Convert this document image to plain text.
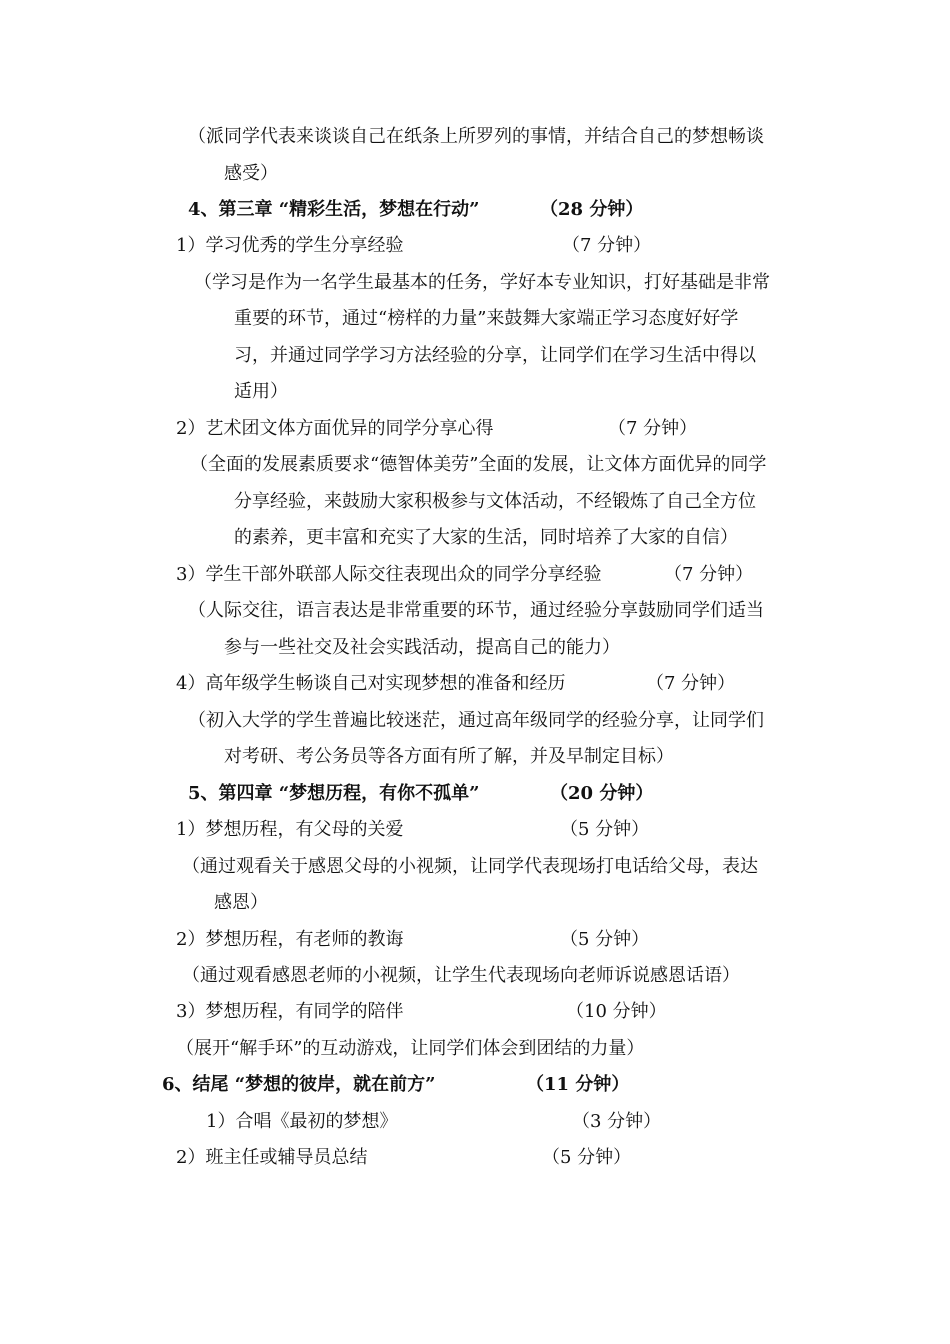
（派同学代表来谈谈自己在纸条上所罗列的事情，并结合自己的梦想畅谈
感受）
4、第三章 “精彩生活，梦想在行动”	（28 分钟）
1）学习优秀的学生分享经验	（7 分钟）
（学习是作为一名学生最基本的任务，学好本专业知识，打好基础是非常
重要的环节，通过“榜样的力量”来鼓舞大家端正学习态度好好学
习，并通过同学学习方法经验的分享，让同学们在学习生活中得以
适用）
2）艺术团文体方面优异的同学分享心得	（7 分钟）
（全面的发展素质要求“德智体美劳”全面的发展，让文体方面优异的同学
分享经验，来鼓励大家积极参与文体活动，不经锻炼了自己全方位
的素养，更丰富和充实了大家的生活，同时培养了大家的自信）
3）学生干部外联部人际交往表现出众的同学分享经验	（7 分钟）
（人际交往，语言表达是非常重要的环节，通过经验分享鼓励同学们适当
参与一些社交及社会实践活动，提高自己的能力）
4）高年级学生畅谈自己对实现梦想的准备和经历	（7 分钟）
（初入大学的学生普遍比较迷茫，通过高年级同学的经验分享，让同学们
对考研、考公务员等各方面有所了解，并及早制定目标）
5、第四章 “梦想历程，有你不孤单”	（20 分钟）
1）梦想历程，有父母的关爱	（5 分钟）
（通过观看关于感恩父母的小视频，让同学代表现场打电话给父母，表达
感恩）
2）梦想历程，有老师的教诲	（5 分钟）
（通过观看感恩老师的小视频，让学生代表现场向老师诉说感恩话语）
3）梦想历程，有同学的陪伴	（10 分钟）
（展开“解手环”的互动游戏，让同学们体会到团结的力量）
6、结尾 “梦想的彼岸，就在前方”	（11 分钟）
1）合唱《最初的梦想》	（3 分钟）
2）班主任或辅导员总结	（5 分钟）
